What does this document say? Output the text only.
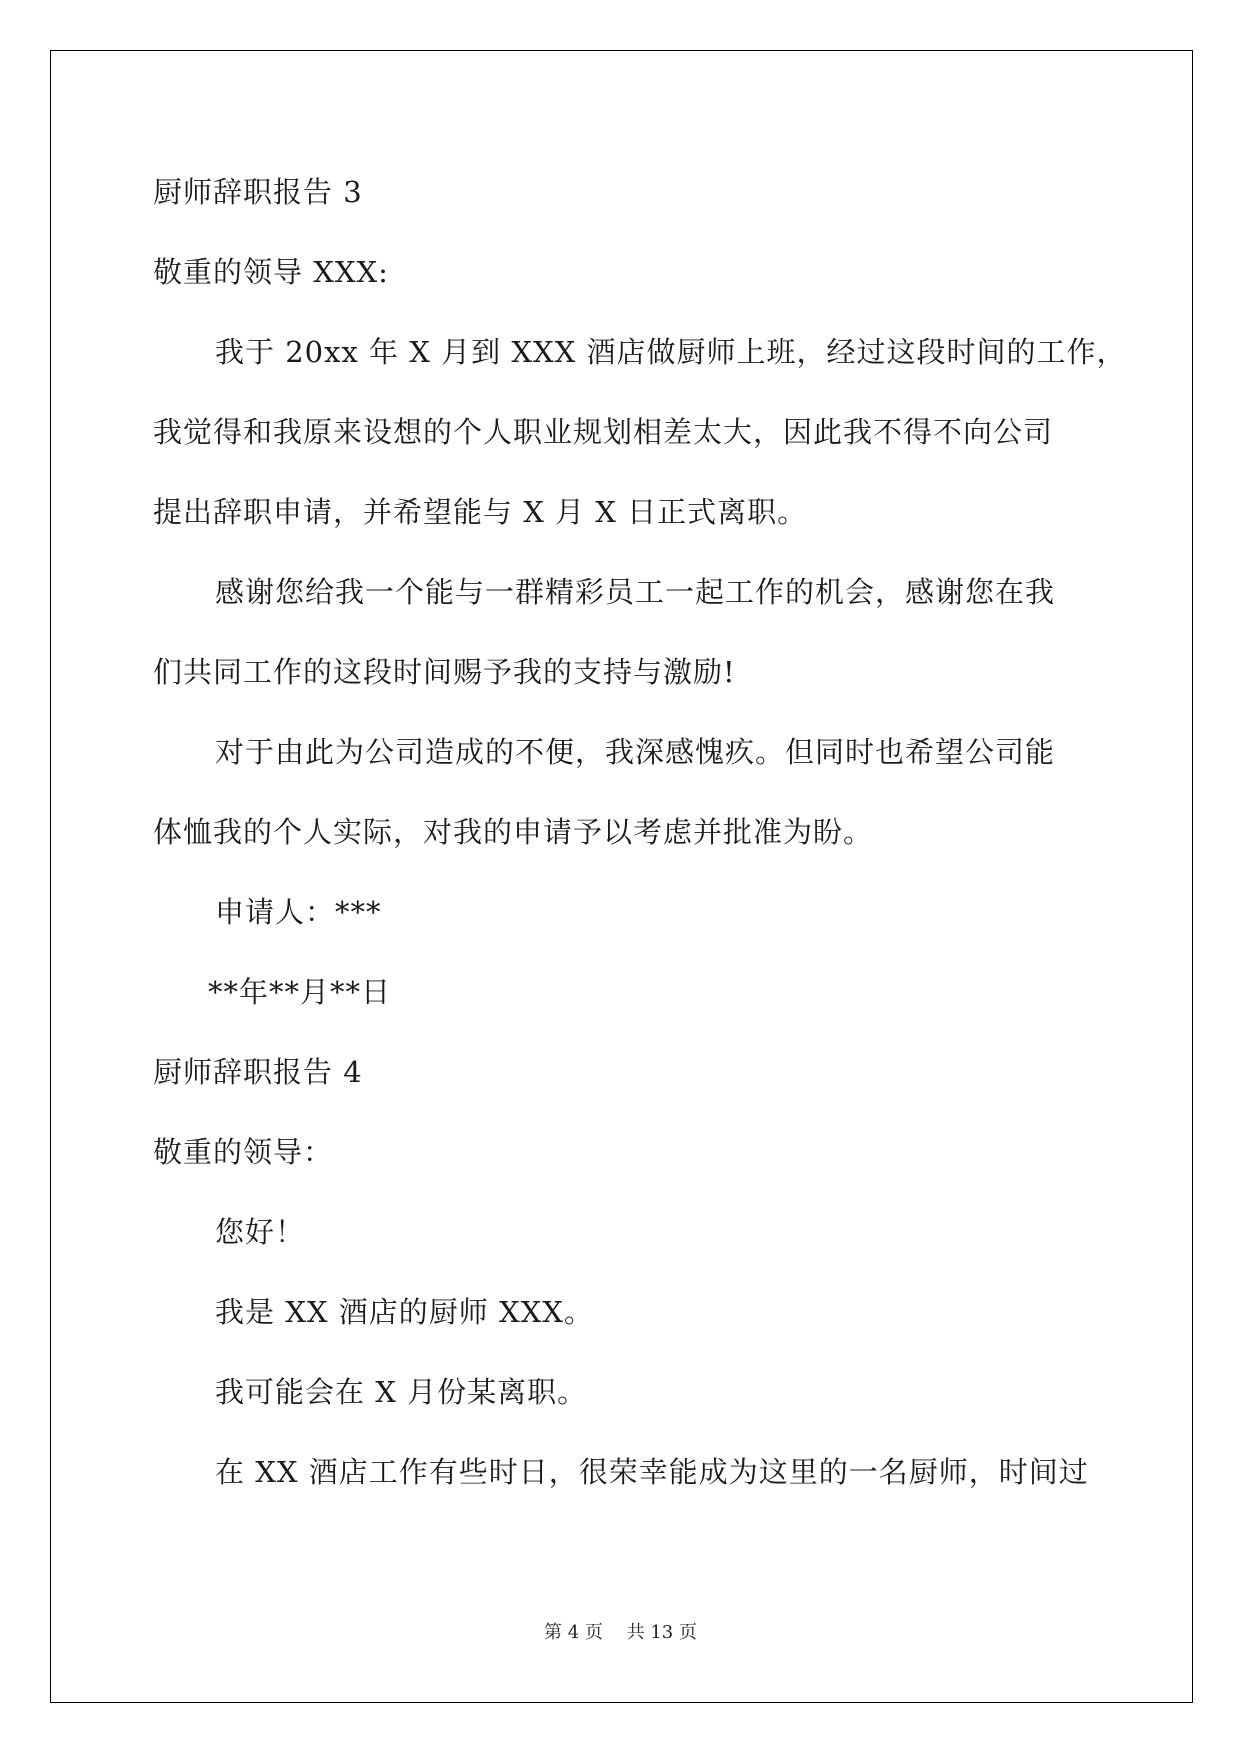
厨师辞职报告 3
敬重的领导 XXX:
我于 20xx 年 X 月到 XXX 酒店做厨师上班，经过这段时间的工作，
我觉得和我原来设想的个人职业规划相差太大，因此我不得不向公司
提出辞职申请，并希望能与 X 月 X 日正式离职。
感谢您给我一个能与一群精彩员工一起工作的机会，感谢您在我
们共同工作的这段时间赐予我的支持与激励!
对于由此为公司造成的不便，我深感愧疚。但同时也希望公司能
体恤我的个人实际，对我的申请予以考虑并批准为盼。
申请人：***
**年**月**日
厨师辞职报告 4
敬重的领导：
您好！
我是 XX 酒店的厨师 XXX。
我可能会在 X 月份某离职。
在 XX 酒店工作有些时日，很荣幸能成为这里的一名厨师，时间过
第 4 页　 共 13 页
